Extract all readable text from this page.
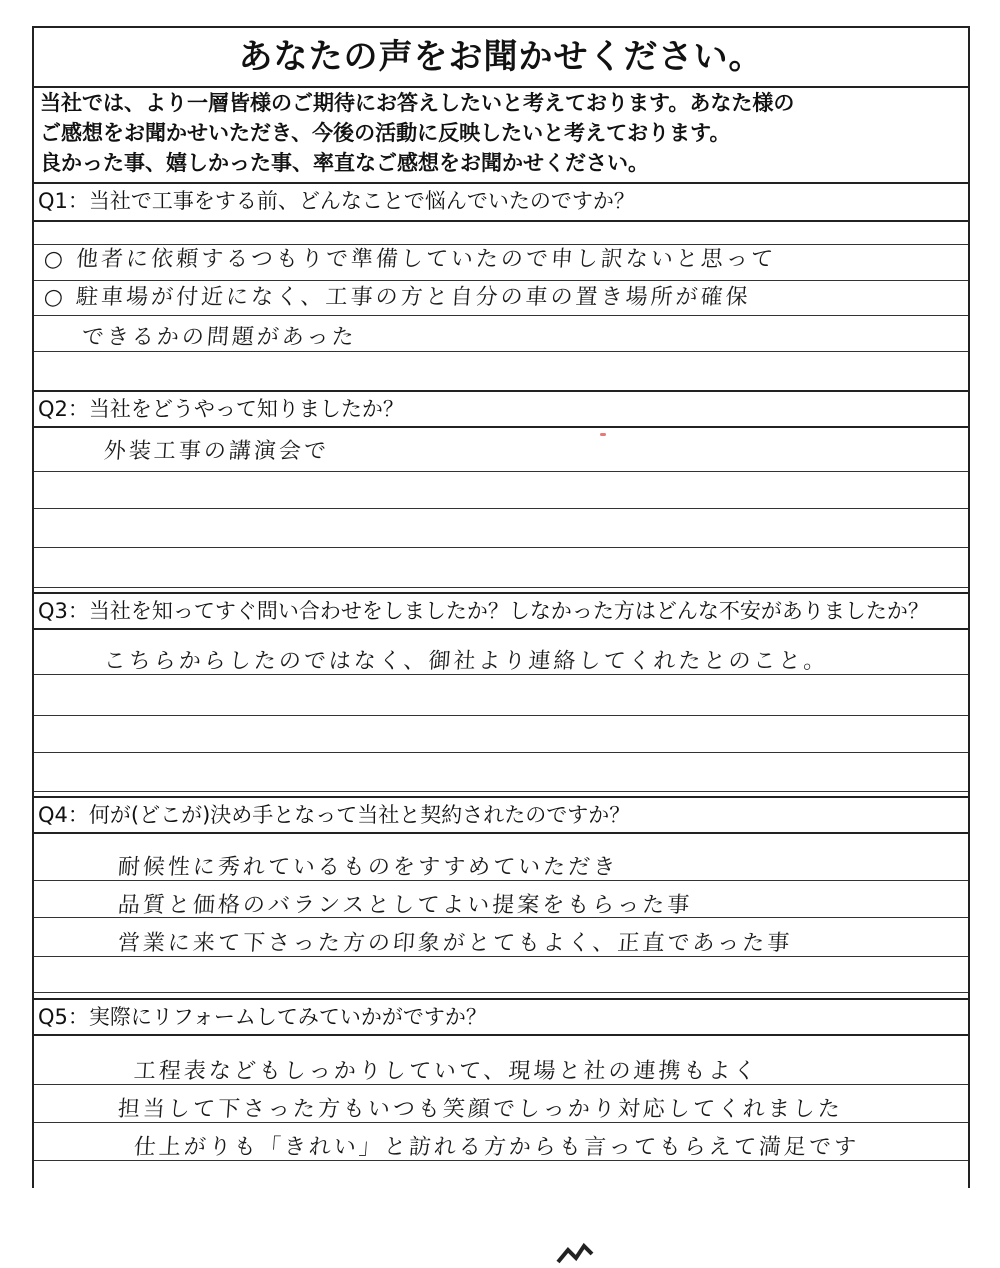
あなたの声をお聞かせください。
当社では、より一層皆様のご期待にお答えしたいと考えております。あなた様の
ご感想をお聞かせいただき、今後の活動に反映したいと考えております。
良かった事、嬉しかった事、率直なご感想をお聞かせください。
Q1：当社で工事をする前、どんなことで悩んでいたのですか？
○ 他者に依頼するつもりで準備していたので申し訳ないと思って
○ 駐車場が付近になく、工事の方と自分の車の置き場所が確保
できるかの問題があった
Q2：当社をどうやって知りましたか？
外装工事の講演会で
Q3：当社を知ってすぐ問い合わせをしましたか？しなかった方はどんな不安がありましたか？
こちらからしたのではなく、御社より連絡してくれたとのこと。
Q4：何が(どこが)決め手となって当社と契約されたのですか？
耐候性に秀れているものをすすめていただき
品質と価格のバランスとしてよい提案をもらった事
営業に来て下さった方の印象がとてもよく、正直であった事
Q5：実際にリフォームしてみていかがですか？
工程表などもしっかりしていて、現場と社の連携もよく
担当して下さった方もいつも笑顔でしっかり対応してくれました
仕上がりも「きれい」と訪れる方からも言ってもらえて満足です
